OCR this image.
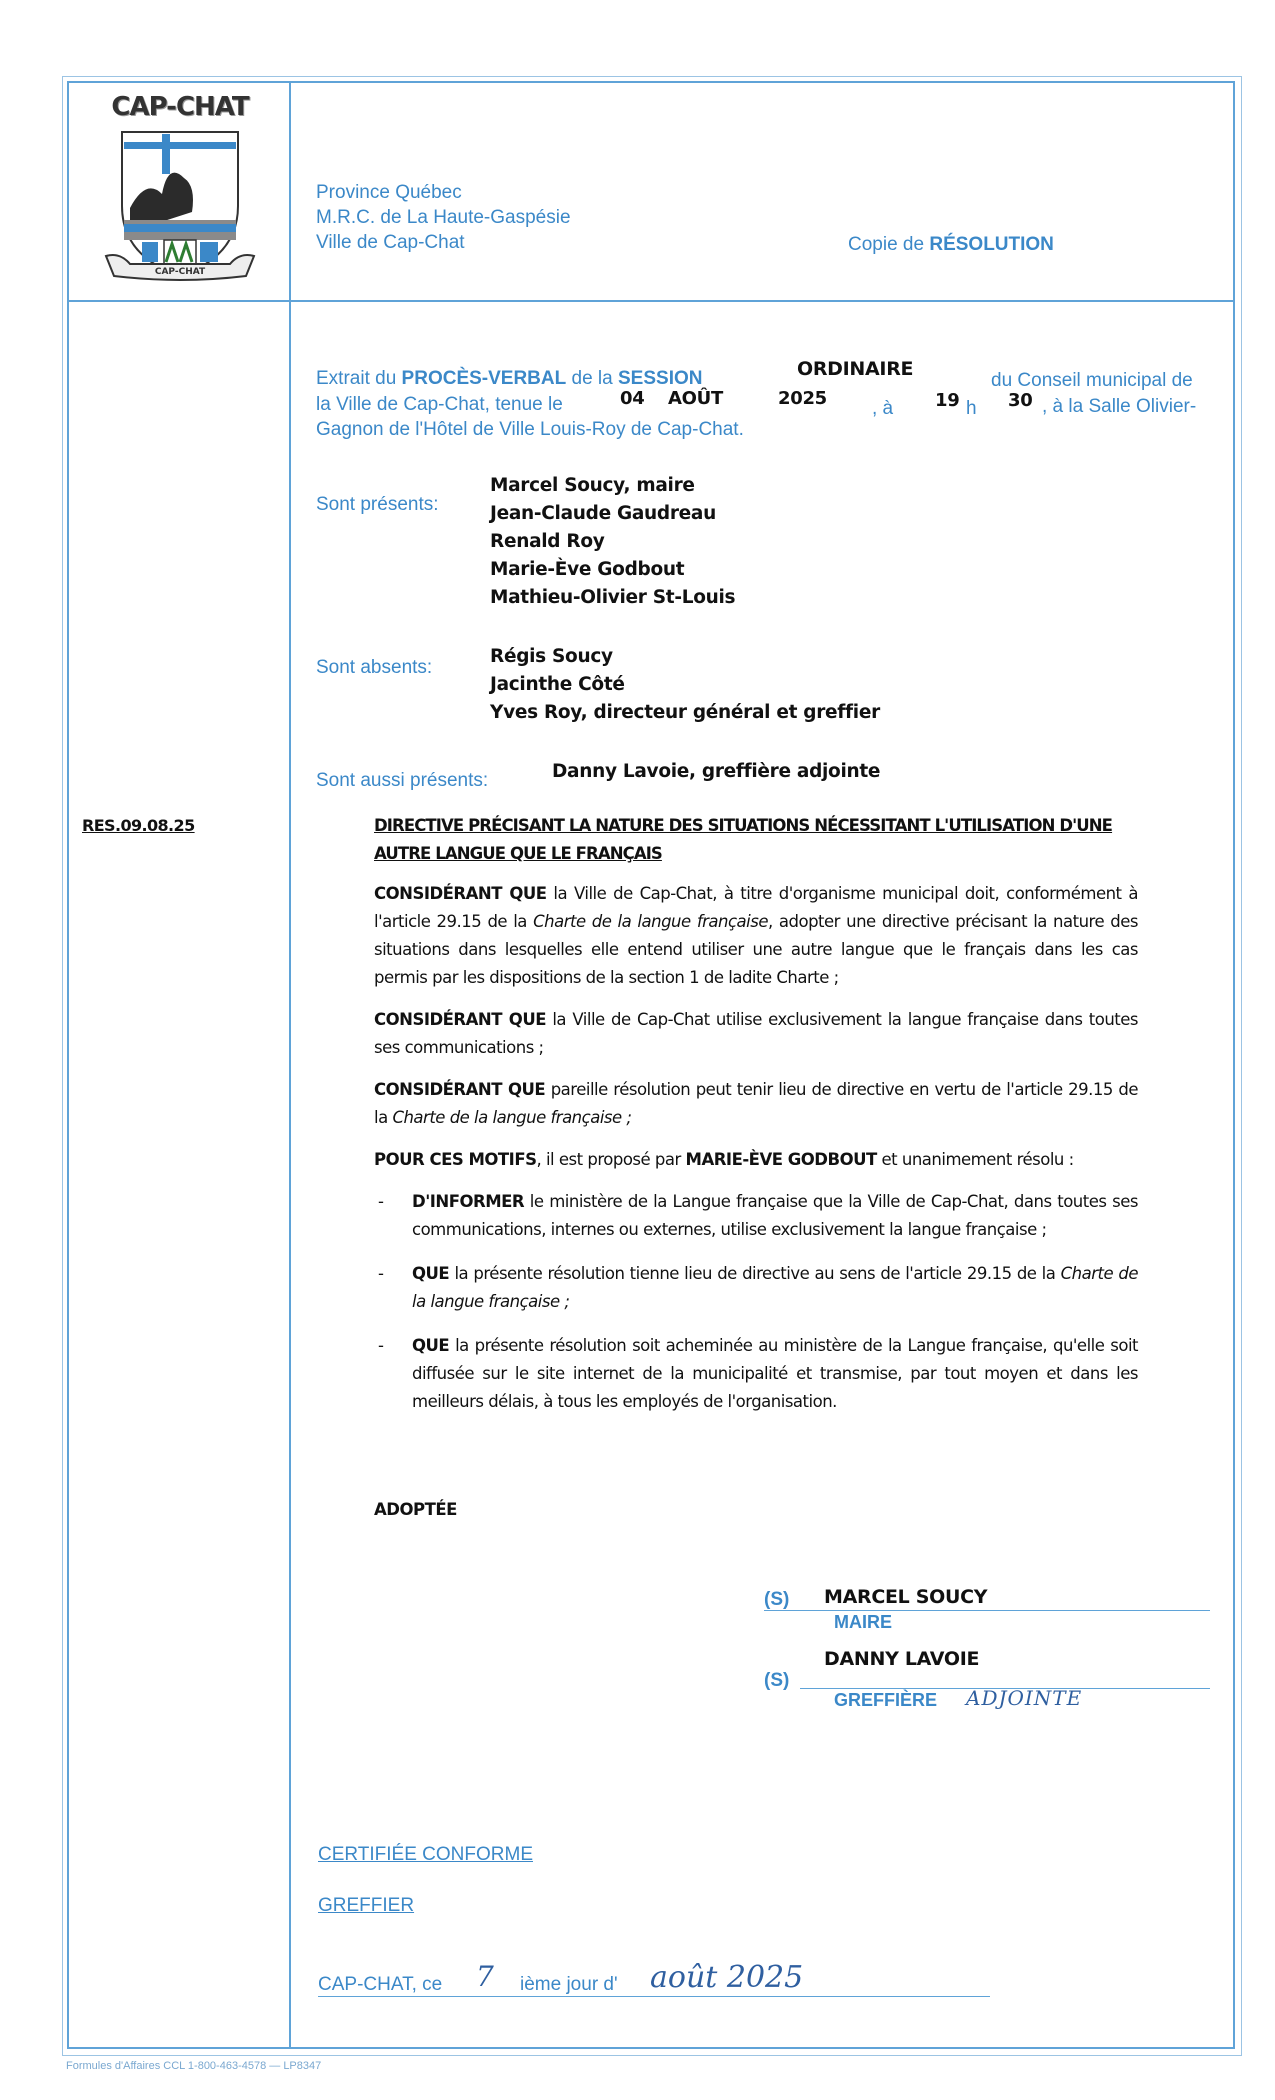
CAP-CHAT
CAP-CHAT
Province Québec
M.R.C. de La Haute-Gaspésie
Ville de Cap-Chat	Copie de RÉSOLUTION
Extrait du PROCÈS-VERBAL de la SESSION	ORDINAIRE
du Conseil municipal de
la Ville de Cap-Chat, tenue le	04 AOÛT	2025 , à 19 h 30 , à la Salle Olivier-
Gagnon de l'Hôtel de Ville Louis-Roy de Cap-Chat.
Sont présents:
Marcel Soucy, maire
Jean-Claude Gaudreau
Renald Roy
Marie-Ève Godbout
Mathieu-Olivier St-Louis
Sont absents:
Régis Soucy
Jacinthe Côté
Yves Roy, directeur général et greffier
Sont aussi présents:	Danny Lavoie, greffière adjointe
RES.09.08.25	DIRECTIVE PRÉCISANT LA NATURE DES SITUATIONS NÉCESSITANT L'UTILISATION D'UNE
AUTRE LANGUE QUE LE FRANÇAIS

CONSIDÉRANT QUE la Ville de Cap-Chat, à titre d'organisme municipal doit, conformément à l'article 29.15 de la Charte de la langue française, adopter une directive précisant la nature des situations dans lesquelles elle entend utiliser une autre langue que le français dans les cas permis par les dispositions de la section 1 de ladite Charte ;

CONSIDÉRANT QUE la Ville de Cap-Chat utilise exclusivement la langue française dans toutes ses communications ;

CONSIDÉRANT QUE pareille résolution peut tenir lieu de directive en vertu de l'article 29.15 de la Charte de la langue française ;

POUR CES MOTIFS, il est proposé par MARIE-ÈVE GODBOUT et unanimement résolu :

- D'INFORMER le ministère de la Langue française que la Ville de Cap-Chat, dans toutes ses communications, internes ou externes, utilise exclusivement la langue française ;
- QUE la présente résolution tienne lieu de directive au sens de l'article 29.15 de la Charte de la langue française ;
- QUE la présente résolution soit acheminée au ministère de la Langue française, qu'elle soit diffusée sur le site internet de la municipalité et transmise, par tout moyen et dans les meilleurs délais, à tous les employés de l'organisation.
ADOPTÉE
(S) MARCEL SOUCY
MAIRE
DANNY LAVOIE
(S)
GREFFIÈRE ADJOINTE
CERTIFIÉE CONFORME
GREFFIER
CAP-CHAT, ce 7 ième jour d' août 2025
Formules d'Affaires CCL 1-800-463-4578 — LP8347
